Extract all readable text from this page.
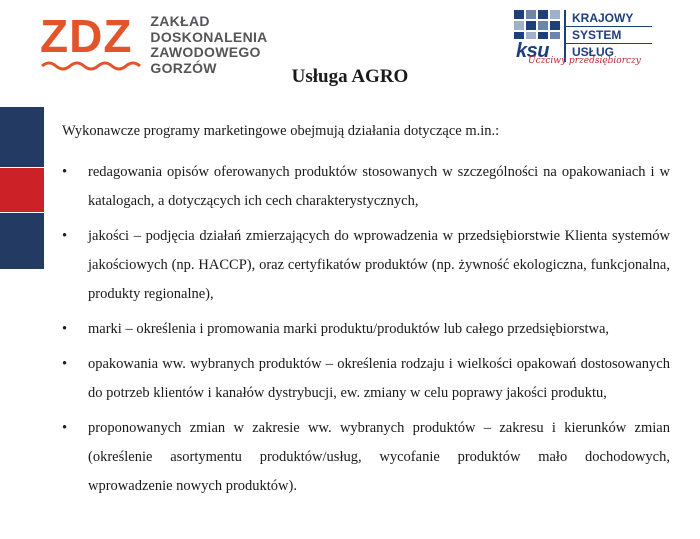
ZDZ ZAKŁAD
DOSKONALENIA
ZAWODOWEGO
GORZÓW
ksu
KRAJOWY
SYSTEM
USŁUG
Uczciwy przedsiębiorczy
Usługa AGRO
Wykonawcze programy marketingowe obejmują działania dotyczące m.in.:
• redagowania opisów oferowanych produktów stosowanych w szczególności na opakowaniach i w katalogach, a dotyczących ich cech charakterystycznych,
• jakości – podjęcia działań zmierzających do wprowadzenia w przedsiębiorstwie Klienta systemów jakościowych (np. HACCP), oraz certyfikatów produktów (np. żywność ekologiczna, funkcjonalna, produkty regionalne),
• marki – określenia i promowania marki produktu/produktów lub całego przedsiębiorstwa,
• opakowania ww. wybranych produktów – określenia rodzaju i wielkości opakowań dostosowanych do potrzeb klientów i kanałów dystrybucji, ew. zmiany w celu poprawy jakości produktu,
• proponowanych zmian w zakresie ww. wybranych produktów – zakresu i kierunków zmian (określenie asortymentu produktów/usług, wycofanie produktów mało dochodowych, wprowadzenie nowych produktów).
